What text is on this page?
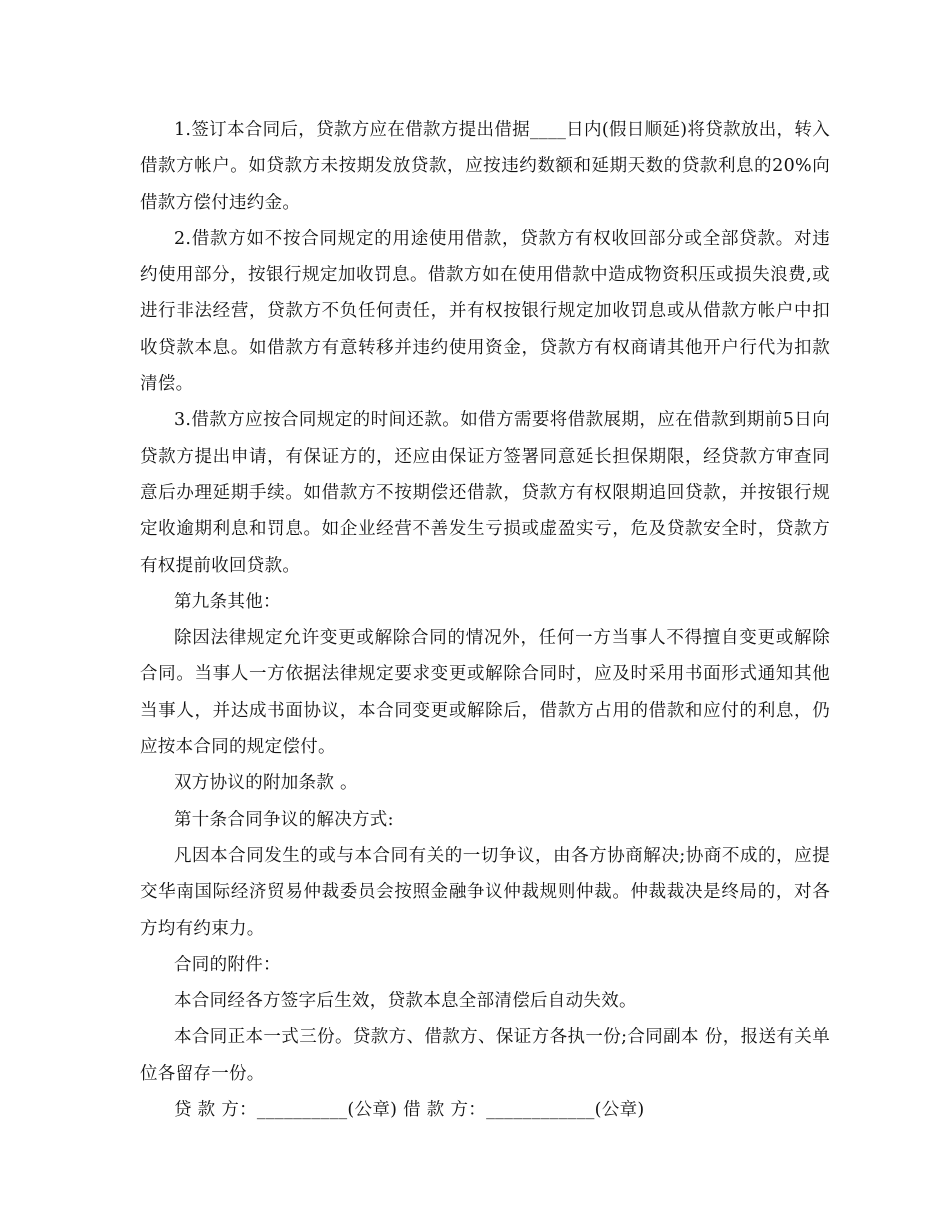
1.签订本合同后，贷款方应在借款方提出借据____日内(假日顺延)将贷款放出，转入借款方帐户。如贷款方未按期发放贷款，应按违约数额和延期天数的贷款利息的20%向借款方偿付违约金。

2.借款方如不按合同规定的用途使用借款，贷款方有权收回部分或全部贷款。对违约使用部分，按银行规定加收罚息。借款方如在使用借款中造成物资积压或损失浪费,或进行非法经营，贷款方不负任何责任，并有权按银行规定加收罚息或从借款方帐户中扣收贷款本息。如借款方有意转移并违约使用资金，贷款方有权商请其他开户行代为扣款清偿。

3.借款方应按合同规定的时间还款。如借方需要将借款展期，应在借款到期前5日向贷款方提出申请，有保证方的，还应由保证方签署同意延长担保期限，经贷款方审查同意后办理延期手续。如借款方不按期偿还借款，贷款方有权限期追回贷款，并按银行规定收逾期利息和罚息。如企业经营不善发生亏损或虚盈实亏，危及贷款安全时，贷款方有权提前收回贷款。

第九条其他：

除因法律规定允许变更或解除合同的情况外，任何一方当事人不得擅自变更或解除合同。当事人一方依据法律规定要求变更或解除合同时，应及时采用书面形式通知其他当事人，并达成书面协议，本合同变更或解除后，借款方占用的借款和应付的利息，仍应按本合同的规定偿付。

双方协议的附加条款 。

第十条合同争议的解决方式:

凡因本合同发生的或与本合同有关的一切争议，由各方协商解决;协商不成的，应提交华南国际经济贸易仲裁委员会按照金融争议仲裁规则仲裁。仲裁裁决是终局的，对各方均有约束力。

合同的附件：

本合同经各方签字后生效，贷款本息全部清偿后自动失效。

本合同正本一式三份。贷款方、借款方、保证方各执一份;合同副本 份，报送有关单位各留存一份。

贷 款 方：__________(公章) 借 款 方：____________(公章)
